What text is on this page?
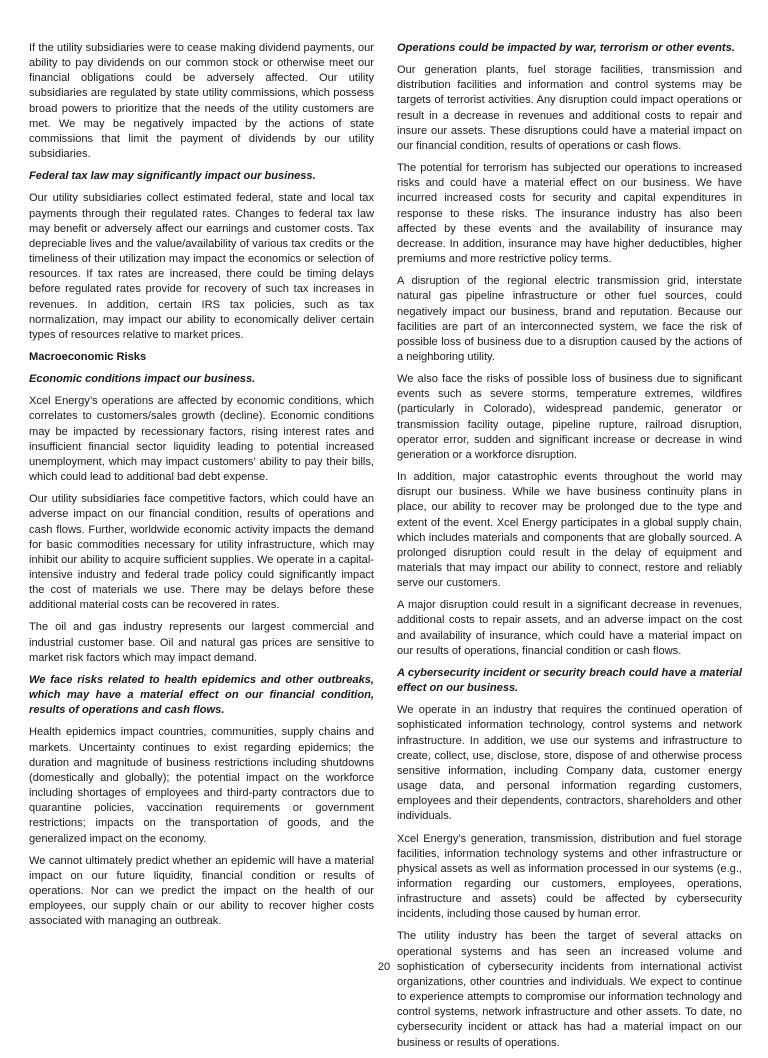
If the utility subsidiaries were to cease making dividend payments, our ability to pay dividends on our common stock or otherwise meet our financial obligations could be adversely affected. Our utility subsidiaries are regulated by state utility commissions, which possess broad powers to prioritize that the needs of the utility customers are met. We may be negatively impacted by the actions of state commissions that limit the payment of dividends by our utility subsidiaries.

Federal tax law may significantly impact our business.

Our utility subsidiaries collect estimated federal, state and local tax payments through their regulated rates. Changes to federal tax law may benefit or adversely affect our earnings and customer costs. Tax depreciable lives and the value/availability of various tax credits or the timeliness of their utilization may impact the economics or selection of resources. If tax rates are increased, there could be timing delays before regulated rates provide for recovery of such tax increases in revenues. In addition, certain IRS tax policies, such as tax normalization, may impact our ability to economically deliver certain types of resources relative to market prices.

Macroeconomic Risks

Economic conditions impact our business.

Xcel Energy’s operations are affected by economic conditions, which correlates to customers/sales growth (decline). Economic conditions may be impacted by recessionary factors, rising interest rates and insufficient financial sector liquidity leading to potential increased unemployment, which may impact customers’ ability to pay their bills, which could lead to additional bad debt expense.

Our utility subsidiaries face competitive factors, which could have an adverse impact on our financial condition, results of operations and cash flows. Further, worldwide economic activity impacts the demand for basic commodities necessary for utility infrastructure, which may inhibit our ability to acquire sufficient supplies. We operate in a capital-intensive industry and federal trade policy could significantly impact the cost of materials we use. There may be delays before these additional material costs can be recovered in rates.

The oil and gas industry represents our largest commercial and industrial customer base. Oil and natural gas prices are sensitive to market risk factors which may impact demand.

We face risks related to health epidemics and other outbreaks, which may have a material effect on our financial condition, results of operations and cash flows.

Health epidemics impact countries, communities, supply chains and markets. Uncertainty continues to exist regarding epidemics; the duration and magnitude of business restrictions including shutdowns (domestically and globally); the potential impact on the workforce including shortages of employees and third-party contractors due to quarantine policies, vaccination requirements or government restrictions; impacts on the transportation of goods, and the generalized impact on the economy.

We cannot ultimately predict whether an epidemic will have a material impact on our future liquidity, financial condition or results of operations. Nor can we predict the impact on the health of our employees, our supply chain or our ability to recover higher costs associated with managing an outbreak.

Operations could be impacted by war, terrorism or other events.

Our generation plants, fuel storage facilities, transmission and distribution facilities and information and control systems may be targets of terrorist activities. Any disruption could impact operations or result in a decrease in revenues and additional costs to repair and insure our assets. These disruptions could have a material impact on our financial condition, results of operations or cash flows.

The potential for terrorism has subjected our operations to increased risks and could have a material effect on our business. We have incurred increased costs for security and capital expenditures in response to these risks. The insurance industry has also been affected by these events and the availability of insurance may decrease. In addition, insurance may have higher deductibles, higher premiums and more restrictive policy terms.

A disruption of the regional electric transmission grid, interstate natural gas pipeline infrastructure or other fuel sources, could negatively impact our business, brand and reputation. Because our facilities are part of an interconnected system, we face the risk of possible loss of business due to a disruption caused by the actions of a neighboring utility.

We also face the risks of possible loss of business due to significant events such as severe storms, temperature extremes, wildfires (particularly in Colorado), widespread pandemic, generator or transmission facility outage, pipeline rupture, railroad disruption, operator error, sudden and significant increase or decrease in wind generation or a workforce disruption.

In addition, major catastrophic events throughout the world may disrupt our business. While we have business continuity plans in place, our ability to recover may be prolonged due to the type and extent of the event. Xcel Energy participates in a global supply chain, which includes materials and components that are globally sourced. A prolonged disruption could result in the delay of equipment and materials that may impact our ability to connect, restore and reliably serve our customers.

A major disruption could result in a significant decrease in revenues, additional costs to repair assets, and an adverse impact on the cost and availability of insurance, which could have a material impact on our results of operations, financial condition or cash flows.

A cybersecurity incident or security breach could have a material effect on our business.

We operate in an industry that requires the continued operation of sophisticated information technology, control systems and network infrastructure. In addition, we use our systems and infrastructure to create, collect, use, disclose, store, dispose of and otherwise process sensitive information, including Company data, customer energy usage data, and personal information regarding customers, employees and their dependents, contractors, shareholders and other individuals.

Xcel Energy’s generation, transmission, distribution and fuel storage facilities, information technology systems and other infrastructure or physical assets as well as information processed in our systems (e.g., information regarding our customers, employees, operations, infrastructure and assets) could be affected by cybersecurity incidents, including those caused by human error.

The utility industry has been the target of several attacks on operational systems and has seen an increased volume and sophistication of cybersecurity incidents from international activist organizations, other countries and individuals. We expect to continue to experience attempts to compromise our information technology and control systems, network infrastructure and other assets. To date, no cybersecurity incident or attack has had a material impact on our business or results of operations.

20
